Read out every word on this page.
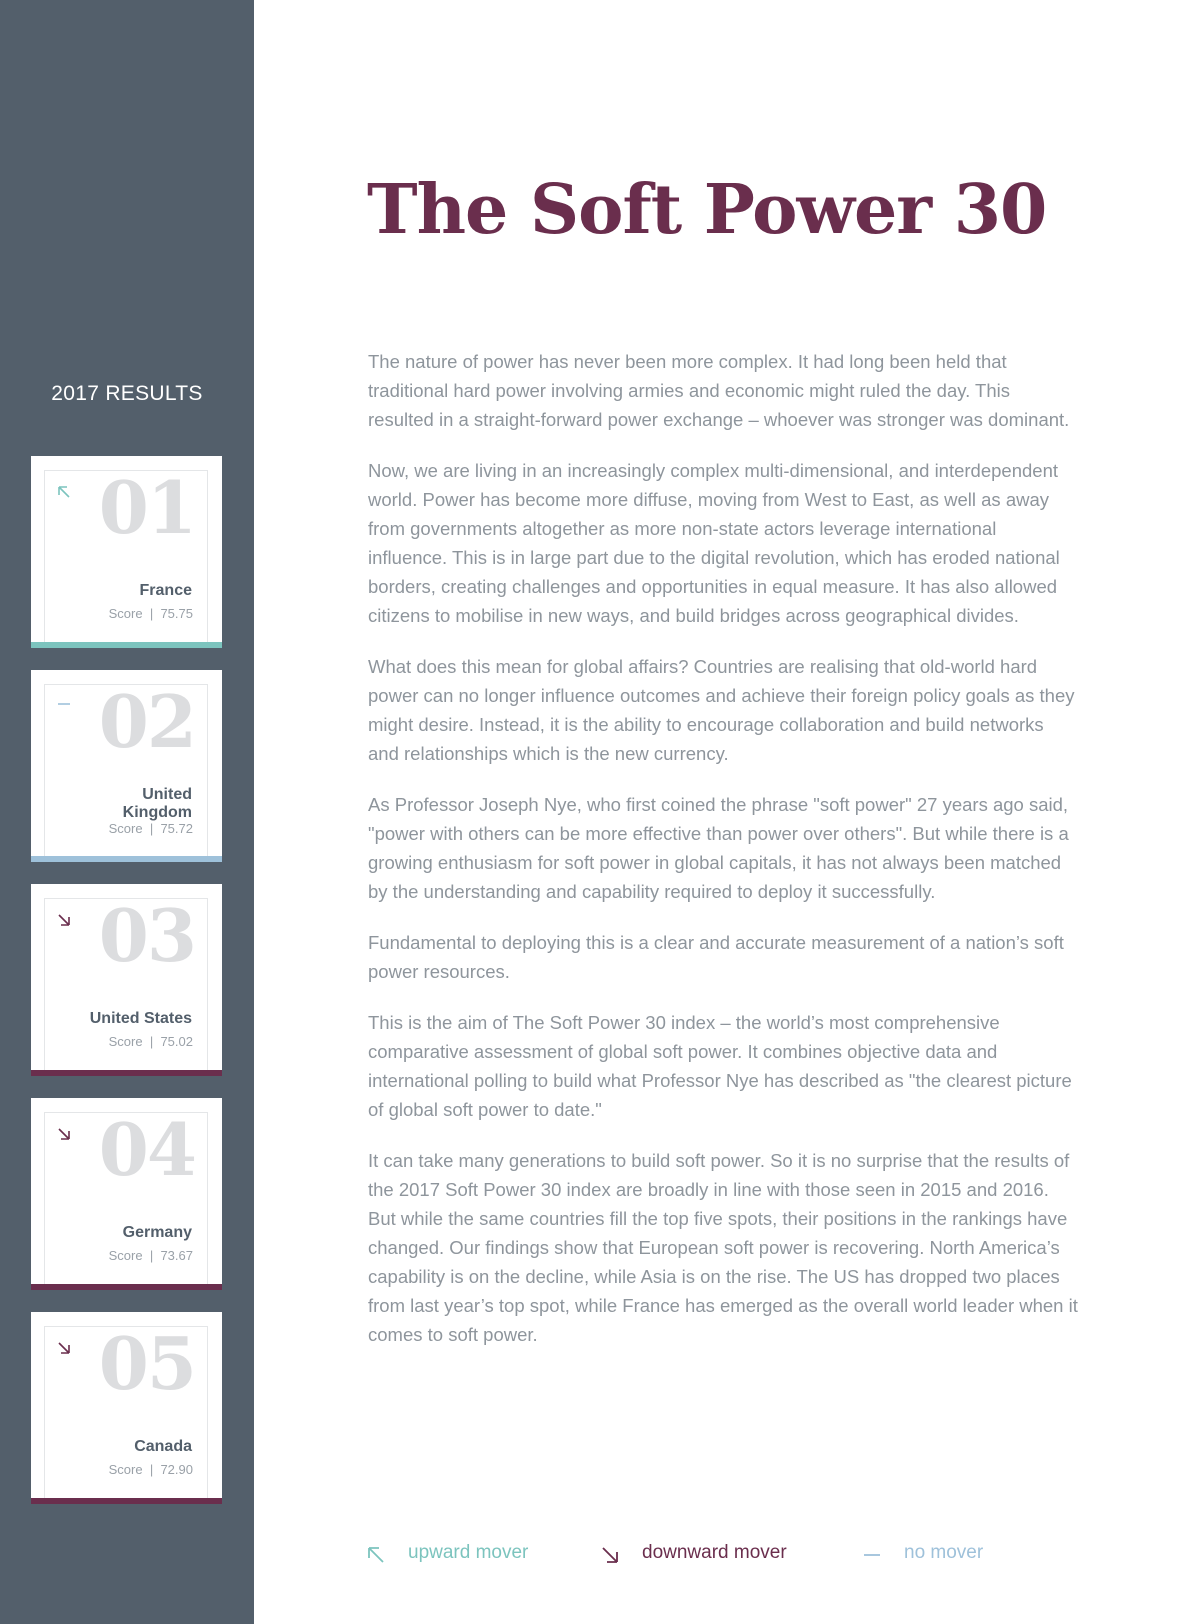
2017 RESULTS
01
France
Score | 75.75
02
United Kingdom
Score | 75.72
03
United States
Score | 75.02
04
Germany
Score | 73.67
05
Canada
Score | 72.90
The Soft Power 30

The nature of power has never been more complex. It had long been held that traditional hard power involving armies and economic might ruled the day. This resulted in a straight-forward power exchange – whoever was stronger was dominant.

Now, we are living in an increasingly complex multi-dimensional, and interdependent world. Power has become more diffuse, moving from West to East, as well as away from governments altogether as more non-state actors leverage international influence. This is in large part due to the digital revolution, which has eroded national borders, creating challenges and opportunities in equal measure. It has also allowed citizens to mobilise in new ways, and build bridges across geographical divides.

What does this mean for global affairs? Countries are realising that old-world hard power can no longer influence outcomes and achieve their foreign policy goals as they might desire. Instead, it is the ability to encourage collaboration and build networks and relationships which is the new currency.

As Professor Joseph Nye, who first coined the phrase "soft power" 27 years ago said, "power with others can be more effective than power over others". But while there is a growing enthusiasm for soft power in global capitals, it has not always been matched by the understanding and capability required to deploy it successfully.

Fundamental to deploying this is a clear and accurate measurement of a nation’s soft power resources.

This is the aim of The Soft Power 30 index – the world’s most comprehensive comparative assessment of global soft power. It combines objective data and international polling to build what Professor Nye has described as "the clearest picture of global soft power to date."

It can take many generations to build soft power. So it is no surprise that the results of the 2017 Soft Power 30 index are broadly in line with those seen in 2015 and 2016. But while the same countries fill the top five spots, their positions in the rankings have changed. Our findings show that European soft power is recovering. North America’s capability is on the decline, while Asia is on the rise. The US has dropped two places from last year’s top spot, while France has emerged as the overall world leader when it comes to soft power.

upward mover	downward mover	no mover
